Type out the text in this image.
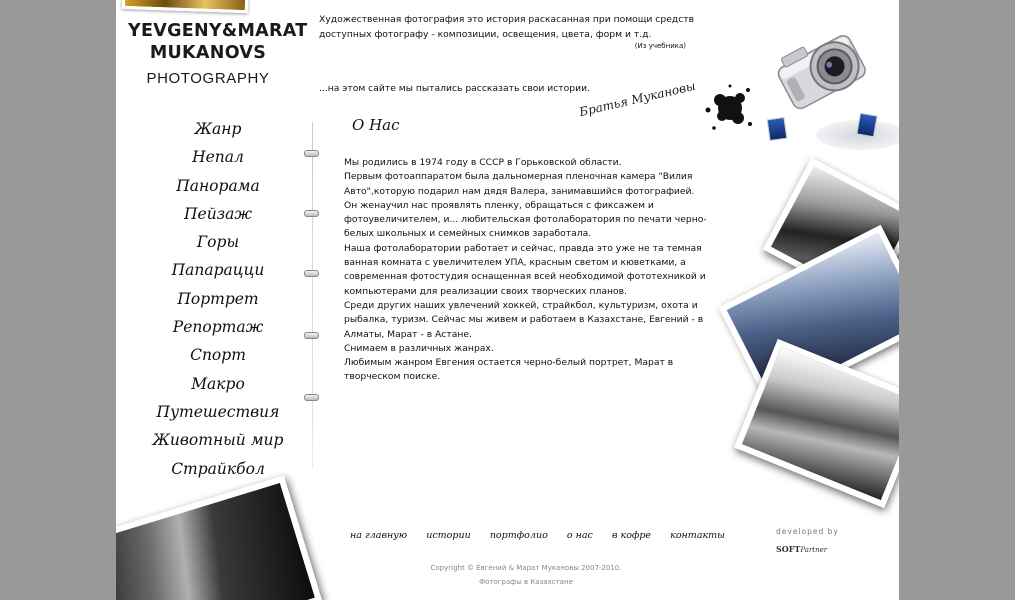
YEVGENY&MARAT
MUKANOVS
PHOTOGRAPHY
Художественная фотография это история раскасанная при помощи средств
доступных фотографу - композиции, освещения, цвета, форм и т.д.
(Из учебника)
...на этом сайте мы пытались рассказать свои истории.
Братья Мукановы
Жанр
Непал
Панорама
Пейзаж
Горы
Папарацци
Портрет
Репортаж
Спорт
Макро
Путешествия
Животный мир
Страйкбол
О Нас
Мы родились в 1974 году в СССР в Горьковской области.
Первым фотоаппаратом была дальномерная пленочная камера "Вилия
Авто",которую подарил нам дядя Валера, занимавшийся фотографией.
Он женаучил нас проявлять пленку, обращаться с фиксажем и
фотоувеличителем, и... любительская фотолаборатория по печати черно-
белых школьных и семейных снимков заработала.
Наша фотолаборатории работает и сейчас, правда это уже не та темная
ванная комната с увеличителем УПА, красным светом и кюветками, а
современная фотостудия оснащенная всей необходимой фототехникой и
компьютерами для реализации своих творческих планов.
Среди других наших увлечений хоккей, страйкбол, культуризм, охота и
рыбалка, туризм. Сейчас мы живем и работаем в Казахстане, Евгений - в
Алматы, Марат - в Астане.
Снимаем в различных жанрах.
Любимым жанром Евгения остается черно-белый портрет, Марат в
творческом поиске.
на главную истории портфолио о нас в кофре контакты	developed by
SOFTPartner
Copyright © Евгений & Марат Мукановы 2007-2010.
Фотографы в Казахстане
